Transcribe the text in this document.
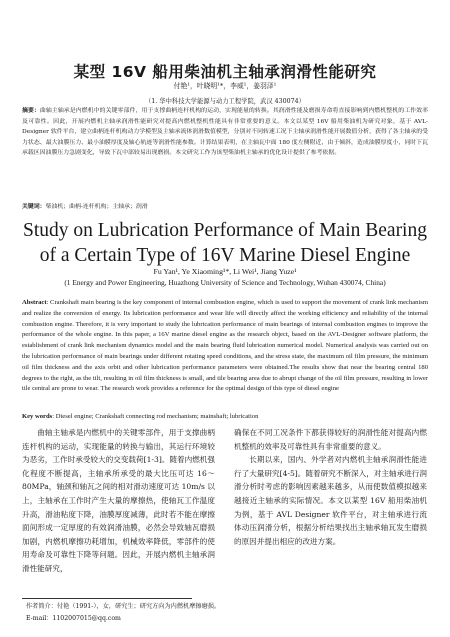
某型 16V 船用柴油机主轴承润滑性能研究
付艳¹，叶晓明¹*，李威¹，姜羽泽¹
（1. 华中科技大学能源与动力工程学院，武汉 430074）
摘要：曲轴主轴承是内燃机中的关键零部件，用于支撑曲柄连杆机构的运动，实现能量的转换。其润滑性能及磨损寿命将直接影响到内燃机整机的工作效率及可靠性。因此，开展内燃机主轴承润滑性能研究对提高内燃机整机性能具有非常重要的意义。本文以某型 16V 船用柴油机为研究对象，基于 AVL-Designer 软件平台，建立曲柄连杆机构动力学模型及主轴承流体润滑数值模型，分别对不同转速工况下主轴承润滑性能开展数值分析，获得了各主轴承的受力状态、最大油膜压力、最小油膜厚度及轴心轨迹等润滑性能参数。计算结果表明，在主轴瓦中面 180 度左侧附近，由于倾斜，造成油膜厚度小，同时下瓦承载区因油膜压力急剧变化，导致下瓦中部较易出现磨损。本文研究工作为该型柴油机主轴承的优化设计提供了参考依据。
关键词：柴油机；曲柄-连杆机构；主轴承；润滑
Study on Lubrication Performance of Main Bearing
of a Certain Type of 16V Marine Diesel Engine
Fu Yan¹, Ye Xiaoming¹*, Li Wei¹, Jiang Yuze¹
(1 Energy and Power Engineering, Huazhong University of Science and Technology, Wuhan 430074, China)
Abstract: Crankshaft main bearing is the key component of internal combustion engine, which is used to support the movement of crank link mechanism and realize the conversion of energy. Its lubrication performance and wear life will directly affect the working efficiency and reliability of the internal combustion engine. Therefore, it is very important to study the lubrication performance of main bearings of internal combustion engines to improve the performance of the whole engine. In this paper, a 16V marine diesel engine as the research object, based on the AVL-Designer software platform, the establishment of crank link mechanism dynamics model and the main bearing fluid lubrication numerical model. Numerical analysis was carried out on the lubrication performance of main bearings under different rotating speed conditions, and the stress state, the maximum oil film pressure, the minimum oil film thickness and the axis orbit and other lubrication performance parameters were obtained.The results show that near the bearing central 180 degrees to the right, as the tilt, resulting in oil film thickness is small, and tile bearing area due to abrupt change of the oil film pressure, resulting in lower tile central are prone to wear. The research work provides a reference for the optimal design of this type of diesel engine
Key words: Diesel engine; Crankshaft connecting rod mechanism; mainshaft; lubrication

曲轴主轴承是内燃机中的关键零部件，用于支撑曲柄连杆机构的运动，实现能量的转换与输出，其运行环境较为恶劣，工作时承受较大的交变载荷[1-3]。随着内燃机强化程度不断提高，主轴承所承受的最大比压可达 16～80MPa，轴颈和轴瓦之间的相对滑动速度可达 10m/s 以上，主轴承在工作时产生大量的摩擦热，使轴瓦工作温度升高，滑油粘度下降，油膜厚度减薄，此时若不能在摩擦面间形成一定厚度的有效润滑油膜，必然会导致轴瓦磨损加剧，内燃机摩擦功耗增加，机械效率降低，零部件的使用寿命及可靠性下降等问题。因此，开展内燃机主轴承润滑性能研究，

确保在不同工况条件下都获得较好的润滑性能对提高内燃机整机的效率及可靠性具有非常重要的意义。

长期以来，国内、外学者对内燃机主轴承润滑性能进行了大量研究[4-5]。随着研究不断深入，对主轴承进行润滑分析时考虑的影响因素越来越多，从而使数值模拟越来越接近主轴承的实际情况。本文以某型 16V 船用柴油机为例，基于 AVL Designer 软件平台，对主轴承进行流体动压润滑分析，根据分析结果找出主轴承轴瓦发生磨损的原因并提出相应的改进方案。

作者简介：付艳（1991-），女，研究生；研究方向为内燃机摩擦磨损。
E-mail：1102007015@qq.com
